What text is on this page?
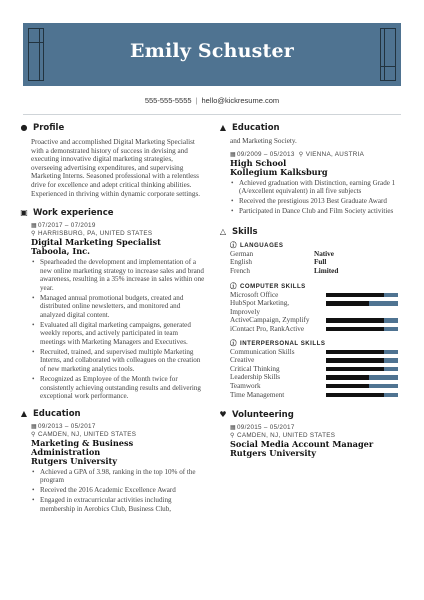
Emily Schuster
555-555-5555 | hello@kickresume.com
● Profile
Proactive and accomplished Digital Marketing Specialist with a demonstrated history of success in devising and executing innovative digital marketing strategies, overseeing advertising expenditures, and supervising Marketing Interns. Seasoned professional with a relentless drive for excellence and adept critical thinking abilities. Experienced in thriving within dynamic corporate settings.
▣ Work experience
▦07/2017 – 07/2019
⚲ HARRISBURG, PA, UNITED STATES
Digital Marketing Specialist
Taboola, Inc.
• Spearheaded the development and implementation of a new online marketing strategy to increase sales and brand awareness, resulting in a 35% increase in sales within one year.
• Managed annual promotional budgets, created and distributed online newsletters, and monitored and analyzed digital content.
• Evaluated all digital marketing campaigns, generated weekly reports, and actively participated in team meetings with Marketing Managers and Executives.
• Recruited, trained, and supervised multiple Marketing Interns, and collaborated with colleagues on the creation of new marketing analytics tools.
• Recognized as Employee of the Month twice for consistently achieving outstanding results and delivering exceptional work performance.
▲ Education
▦09/2013 – 05/2017
⚲ CAMDEN, NJ, UNITED STATES
Marketing & Business Administration
Rutgers University
• Achieved a GPA of 3.98, ranking in the top 10% of the program
• Received the 2016 Academic Excellence Award
• Engaged in extracurricular activities including membership in Aerobics Club, Business Club,
▲ Education
and Marketing Society.
▦09/2009 – 05/2013 ⚲ VIENNA, AUSTRIA
High School
Kollegium Kalksburg
• Achieved graduation with Distinction, earning Grade 1 (A/excellent equivalent) in all five subjects
• Received the prestigious 2013 Best Graduate Award
• Participated in Dance Club and Film Society activities
△ Skills
ⓘ LANGUAGES
German	Native
English	Full
French	Limited
ⓘ COMPUTER SKILLS
Microsoft Office
HubSpot Marketing, Improvely
ActiveCampaign, Zymplify
iContact Pro, RankActive
ⓘ INTERPERSONAL SKILLS
Communication Skills
Creative
Critical Thinking
Leadership Skills
Teamwork
Time Management
♥ Volunteering
▦09/2015 – 05/2017
⚲ CAMDEN, NJ, UNITED STATES
Social Media Account Manager
Rutgers University
